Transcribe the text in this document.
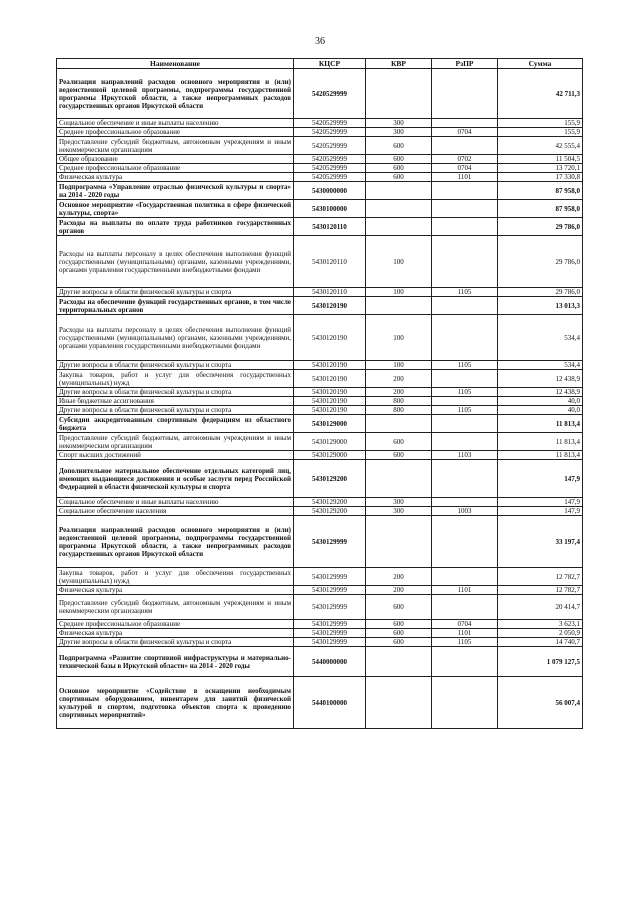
36
Наименование	КЦСР	КВР	РзПР	Сумма
Реализация направлений расходов основного мероприятия и (или) ведомственной целевой программы, подпрограммы государственной программы Иркутской области, а также непрограммных расходов государственных органов Иркутской области	5420529999			42 711,3
Социальное обеспечение и иные выплаты населению	5420529999	300		155,9
Среднее профессиональное образование	5420529999	300	0704	155,9
Предоставление субсидий бюджетным, автономным учреждениям и иным некоммерческим организациям	5420529999	600		42 555,4
Общее образование	5420529999	600	0702	11 504,5
Среднее профессиональное образование	5420529999	600	0704	13 720,1
Физическая культура	5420529999	600	1101	17 330,8
Подпрограмма «Управление отраслью физической культуры и спорта» на 2014 - 2020 годы	5430000000			87 958,0
Основное мероприятие «Государственная политика в сфере физической культуры, спорта»	5430100000			87 958,0
Расходы на выплаты по оплате труда работников государственных органов	5430120110			29 786,0
Расходы на выплаты персоналу в целях обеспечения выполнения функций государственными (муниципальными) органами, казенными учреждениями, органами управления государственными внебюджетными фондами	5430120110	100		29 786,0
Другие вопросы в области физической культуры и спорта	5430120110	100	1105	29 786,0
Расходы на обеспечение функций государственных органов, в том числе территориальных органов	5430120190			13 013,3
Расходы на выплаты персоналу в целях обеспечения выполнения функций государственными (муниципальными) органами, казенными учреждениями, органами управления государственными внебюджетными фондами	5430120190	100		534,4
Другие вопросы в области физической культуры и спорта	5430120190	100	1105	534,4
Закупка товаров, работ и услуг для обеспечения государственных (муниципальных) нужд	5430120190	200		12 438,9
Другие вопросы в области физической культуры и спорта	5430120190	200	1105	12 438,9
Иные бюджетные ассигнования	5430120190	800		40,0
Другие вопросы в области физической культуры и спорта	5430120190	800	1105	40,0
Субсидии аккредитованным спортивным федерациям из областного бюджета	5430129000			11 813,4
Предоставление субсидий бюджетным, автономным учреждениям и иным некоммерческим организациям	5430129000	600		11 813,4
Спорт высших достижений	5430129000	600	1103	11 813,4
Дополнительное материальное обеспечение отдельных категорий лиц, имеющих выдающиеся достижения и особые заслуги перед Российской Федерацией в области физической культуры и спорта	5430129200			147,9
Социальное обеспечение и иные выплаты населению	5430129200	300		147,9
Социальное обеспечение населения	5430129200	300	1003	147,9
Реализация направлений расходов основного мероприятия и (или) ведомственной целевой программы, подпрограммы государственной программы Иркутской области, а также непрограммных расходов государственных органов Иркутской области	5430129999			33 197,4
Закупка товаров, работ и услуг для обеспечения государственных (муниципальных) нужд	5430129999	200		12 782,7
Физическая культура	5430129999	200	1101	12 782,7
Предоставление субсидий бюджетным, автономным учреждениям и иным некоммерческим организациям	5430129999	600		20 414,7
Среднее профессиональное образование	5430129999	600	0704	3 623,1
Физическая культура	5430129999	600	1101	2 050,9
Другие вопросы в области физической культуры и спорта	5430129999	600	1105	14 740,7
Подпрограмма «Развитие спортивной инфраструктуры и материально- технической базы в Иркутской области» на 2014 - 2020 годы	5440000000			1 079 127,5
Основное мероприятие «Содействие в оснащении необходимым спортивным оборудованием, инвентарем для занятий физической культурой и спортом, подготовка объектов спорта к проведению спортивных мероприятий»	5440100000			56 007,4
